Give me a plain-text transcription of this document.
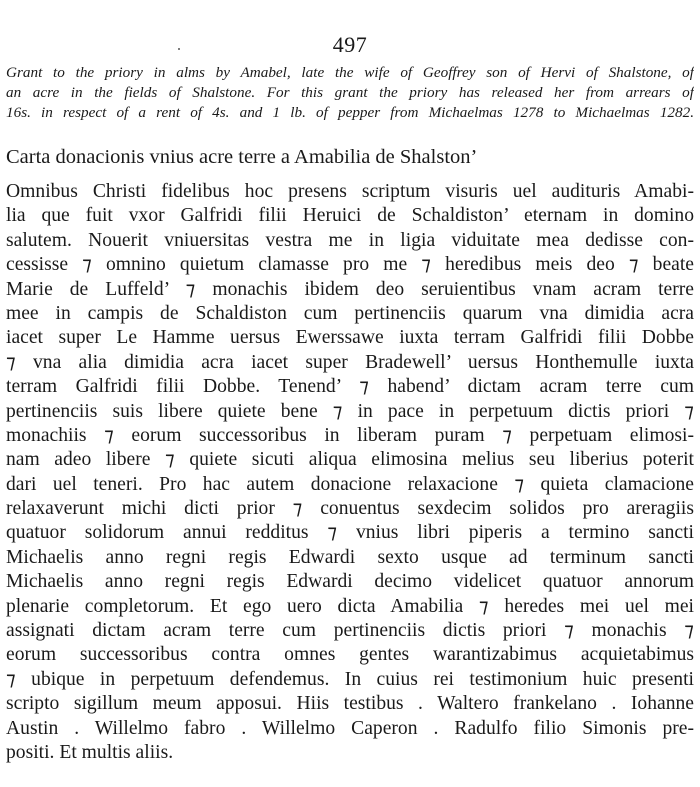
497
Grant to the priory in alms by Amabel, late the wife of Geoffrey son of Hervi of Shalstone, of
an acre in the fields of Shalstone. For this grant the priory has released her from arrears of
16s. in respect of a rent of 4s. and 1 lb. of pepper from Michaelmas 1278 to Michaelmas 1282.
Carta donacionis vnius acre terre a Amabilia de Shalston’
Omnibus Christi fidelibus hoc presens scriptum visuris uel audituris Amabi-
lia que fuit vxor Galfridi filii Heruici de Schaldiston’ eternam in domino
salutem. Nouerit vniuersitas vestra me in ligia viduitate mea dedisse con-
cessisse ⁊ omnino quietum clamasse pro me ⁊ heredibus meis deo ⁊ beate
Marie de Luffeld’ ⁊ monachis ibidem deo seruientibus vnam acram terre
mee in campis de Schaldiston cum pertinenciis quarum vna dimidia acra
iacet super Le Hamme uersus Ewerssawe iuxta terram Galfridi filii Dobbe
⁊ vna alia dimidia acra iacet super Bradewell’ uersus Honthemulle iuxta
terram Galfridi filii Dobbe. Tenend’ ⁊ habend’ dictam acram terre cum
pertinenciis suis libere quiete bene ⁊ in pace in perpetuum dictis priori ⁊
monachiis ⁊ eorum successoribus in liberam puram ⁊ perpetuam elimosi-
nam adeo libere ⁊ quiete sicuti aliqua elimosina melius seu liberius poterit
dari uel teneri. Pro hac autem donacione relaxacione ⁊ quieta clamacione
relaxaverunt michi dicti prior ⁊ conuentus sexdecim solidos pro areragiis
quatuor solidorum annui redditus ⁊ vnius libri piperis a termino sancti
Michaelis anno regni regis Edwardi sexto usque ad terminum sancti
Michaelis anno regni regis Edwardi decimo videlicet quatuor annorum
plenarie completorum. Et ego uero dicta Amabilia ⁊ heredes mei uel mei
assignati dictam acram terre cum pertinenciis dictis priori ⁊ monachis ⁊
eorum successoribus contra omnes gentes warantizabimus acquietabimus
⁊ ubique in perpetuum defendemus. In cuius rei testimonium huic presenti
scripto sigillum meum apposui. Hiis testibus . Waltero frankelano . Iohanne
Austin . Willelmo fabro . Willelmo Caperon . Radulfo filio Simonis pre-
positi. Et multis aliis.
